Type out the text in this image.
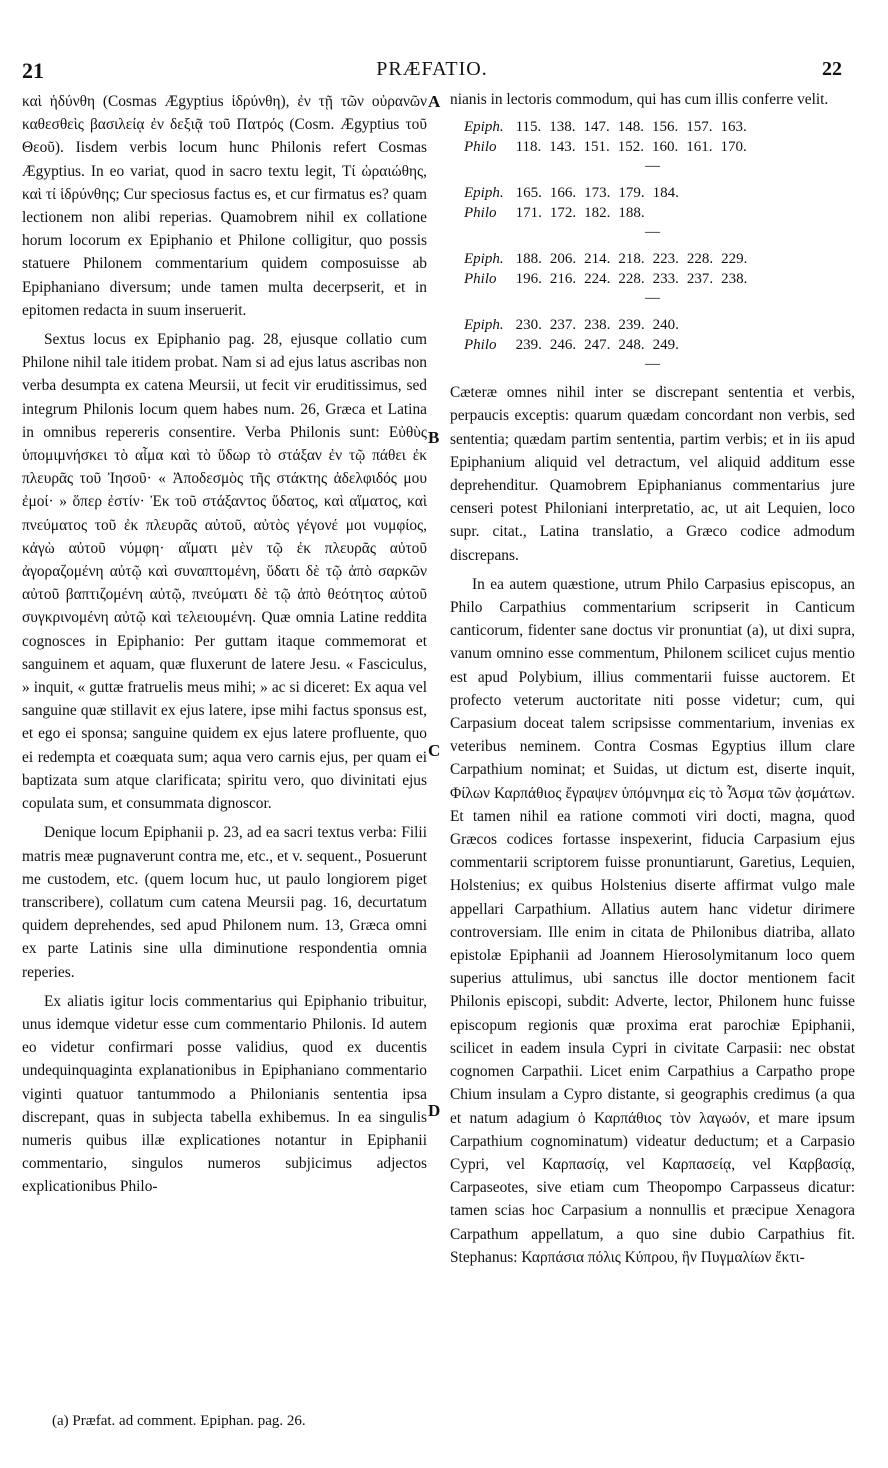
21	PRÆFATIO.	22
A
B
C
D

καὶ ἡδύνθη (Cosmas Ægyptius ἱδρύνθη), ἐν τῇ τῶν οὐρανῶν καθεσθεὶς βασιλείᾳ ἐν δεξιᾷ τοῦ Πατρός (Cosm. Ægyptius τοῦ Θεοῦ). Iisdem verbis locum hunc Philonis refert Cosmas Ægyptius. In eo variat, quod in sacro textu legit, Τί ὡραιώθης, καὶ τί ἱδρύνθης; Cur speciosus factus es, et cur firmatus es? quam lectionem non alibi reperias. Quamobrem nihil ex collatione horum locorum ex Epiphanio et Philone colligitur, quo possis statuere Philonem commentarium quidem composuisse ab Epiphaniano diversum; unde tamen multa decerpserit, et in epitomen redacta in suum inseruerit.

Sextus locus ex Epiphanio pag. 28, ejusque collatio cum Philone nihil tale itidem probat. Nam si ad ejus latus ascribas non verba desumpta ex catena Meursii, ut fecit vir eruditissimus, sed integrum Philonis locum quem habes num. 26, Græca et Latina in omnibus repereris consentire. Verba Philonis sunt: Εὐθὺς ὑπομιμνήσκει τὸ αἷμα καὶ τὸ ὕδωρ τὸ στάξαν ἐν τῷ πάθει ἐκ πλευρᾶς τοῦ Ἰησοῦ· « Ἀποδεσμὸς τῆς στάκτης ἀδελφιδός μου ἐμοί· » ὅπερ ἐστίν· Ἐκ τοῦ στάξαντος ὕδατος, καὶ αἵματος, καὶ πνεύματος τοῦ ἐκ πλευρᾶς αὐτοῦ, αὐτὸς γέγονέ μοι νυμφίος, κἀγὼ αὐτοῦ νύμφη· αἵματι μὲν τῷ ἐκ πλευρᾶς αὐτοῦ ἀγοραζομένη αὐτῷ καὶ συναπτομένη, ὕδατι δὲ τῷ ἀπὸ σαρκῶν αὐτοῦ βαπτιζομένη αὐτῷ, πνεύματι δὲ τῷ ἀπὸ θεότητος αὐτοῦ συγκρινομένη αὐτῷ καὶ τελειουμένη. Quæ omnia Latine reddita cognosces in Epiphanio: Per guttam itaque commemorat et sanguinem et aquam, quæ fluxerunt de latere Jesu. « Fasciculus, » inquit, « guttæ fratruelis meus mihi; » ac si diceret: Ex aqua vel sanguine quæ stillavit ex ejus latere, ipse mihi factus sponsus est, et ego ei sponsa; sanguine quidem ex ejus latere profluente, quo ei redempta et coæquata sum; aqua vero carnis ejus, per quam ei baptizata sum atque clarificata; spiritu vero, quo divinitati ejus copulata sum, et consummata dignoscor.

Denique locum Epiphanii p. 23, ad ea sacri textus verba: Filii matris meæ pugnaverunt contra me, etc., et v. sequent., Posuerunt me custodem, etc. (quem locum huc, ut paulo longiorem piget transcribere), collatum cum catena Meursii pag. 16, decurtatum quidem deprehendes, sed apud Philonem num. 13, Græca omni ex parte Latinis sine ulla diminutione respondentia omnia reperies.

Ex aliatis igitur locis commentarius qui Epiphanio tribuitur, unus idemque videtur esse cum commentario Philonis. Id autem eo videtur confirmari posse validius, quod ex ducentis undequinquaginta explanationibus in Epiphaniano commentario viginti quatuor tantummodo a Philonianis sententia ipsa discrepant, quas in subjecta tabella exhibemus. In ea singulis numeris quibus illæ explicationes notantur in Epiphanii commentario, singulos numeros subjicimus adjectos explicationibus Philo-

nianis in lectoris commodum, qui has cum illis conferre velit.

Epiph.	115.	138.	147.	148.	156.	157.	163.
Philo	118.	143.	151.	152.	160.	161.	170.
—
Epiph.	165.	166.	173.	179.	184.
Philo	171.	172.	182.	188.	
—
Epiph.	188.	206.	214.	218.	223.	228.	229.
Philo	196.	216.	224.	228.	233.	237.	238.
—
Epiph.	230.	237.	238.	239.	240.
Philo	239.	246.	247.	248.	249.
—

Cæteræ omnes nihil inter se discrepant sententia et verbis, perpaucis exceptis: quarum quædam concordant non verbis, sed sententia; quædam partim sententia, partim verbis; et in iis apud Epiphanium aliquid vel detractum, vel aliquid additum esse deprehenditur. Quamobrem Epiphanianus commentarius jure censeri potest Philoniani interpretatio, ac, ut ait Lequien, loco supr. citat., Latina translatio, a Græco codice admodum discrepans.

In ea autem quæstione, utrum Philo Carpasius episcopus, an Philo Carpathius commentarium scripserit in Canticum canticorum, fidenter sane doctus vir pronuntiat (a), ut dixi supra, vanum omnino esse commentum, Philonem scilicet cujus mentio est apud Polybium, illius commentarii fuisse auctorem. Et profecto veterum auctoritate niti posse videtur; cum, qui Carpasium doceat talem scripsisse commentarium, invenias ex veteribus neminem. Contra Cosmas Egyptius illum clare Carpathium nominat; et Suidas, ut dictum est, diserte inquit, Φίλων Καρπάθιος ἔγραψεν ὑπόμνημα εἰς τὸ Ἆσμα τῶν ᾀσμάτων. Et tamen nihil ea ratione commoti viri docti, magna, quod Græcos codices fortasse inspexerint, fiducia Carpasium ejus commentarii scriptorem fuisse pronuntiarunt, Garetius, Lequien, Holstenius; ex quibus Holstenius diserte affirmat vulgo male appellari Carpathium. Allatius autem hanc videtur dirimere controversiam. Ille enim in citata de Philonibus diatriba, allato epistolæ Epiphanii ad Joannem Hierosolymitanum loco quem superius attulimus, ubi sanctus ille doctor mentionem facit Philonis episcopi, subdit: Adverte, lector, Philonem hunc fuisse episcopum regionis quæ proxima erat parochiæ Epiphanii, scilicet in eadem insula Cypri in civitate Carpasii: nec obstat cognomen Carpathii. Licet enim Carpathius a Carpatho prope Chium insulam a Cypro distante, si geographis credimus (a qua et natum adagium ὁ Καρπάθιος τὸν λαγωόν, et mare ipsum Carpathium cognominatum) videatur deductum; et a Carpasio Cypri, vel Καρπασίᾳ, vel Καρπασείᾳ, vel Καρβασίᾳ, Carpaseotes, sive etiam cum Theopompo Carpasseus dicatur: tamen scias hoc Carpasium a nonnullis et præcipue Xenagora Carpathum appellatum, a quo sine dubio Carpathius fit. Stephanus: Καρπάσια πόλις Κύπρου, ἣν Πυγμαλίων ἔκτι-

(a) Præfat. ad comment. Epiphan. pag. 26.
